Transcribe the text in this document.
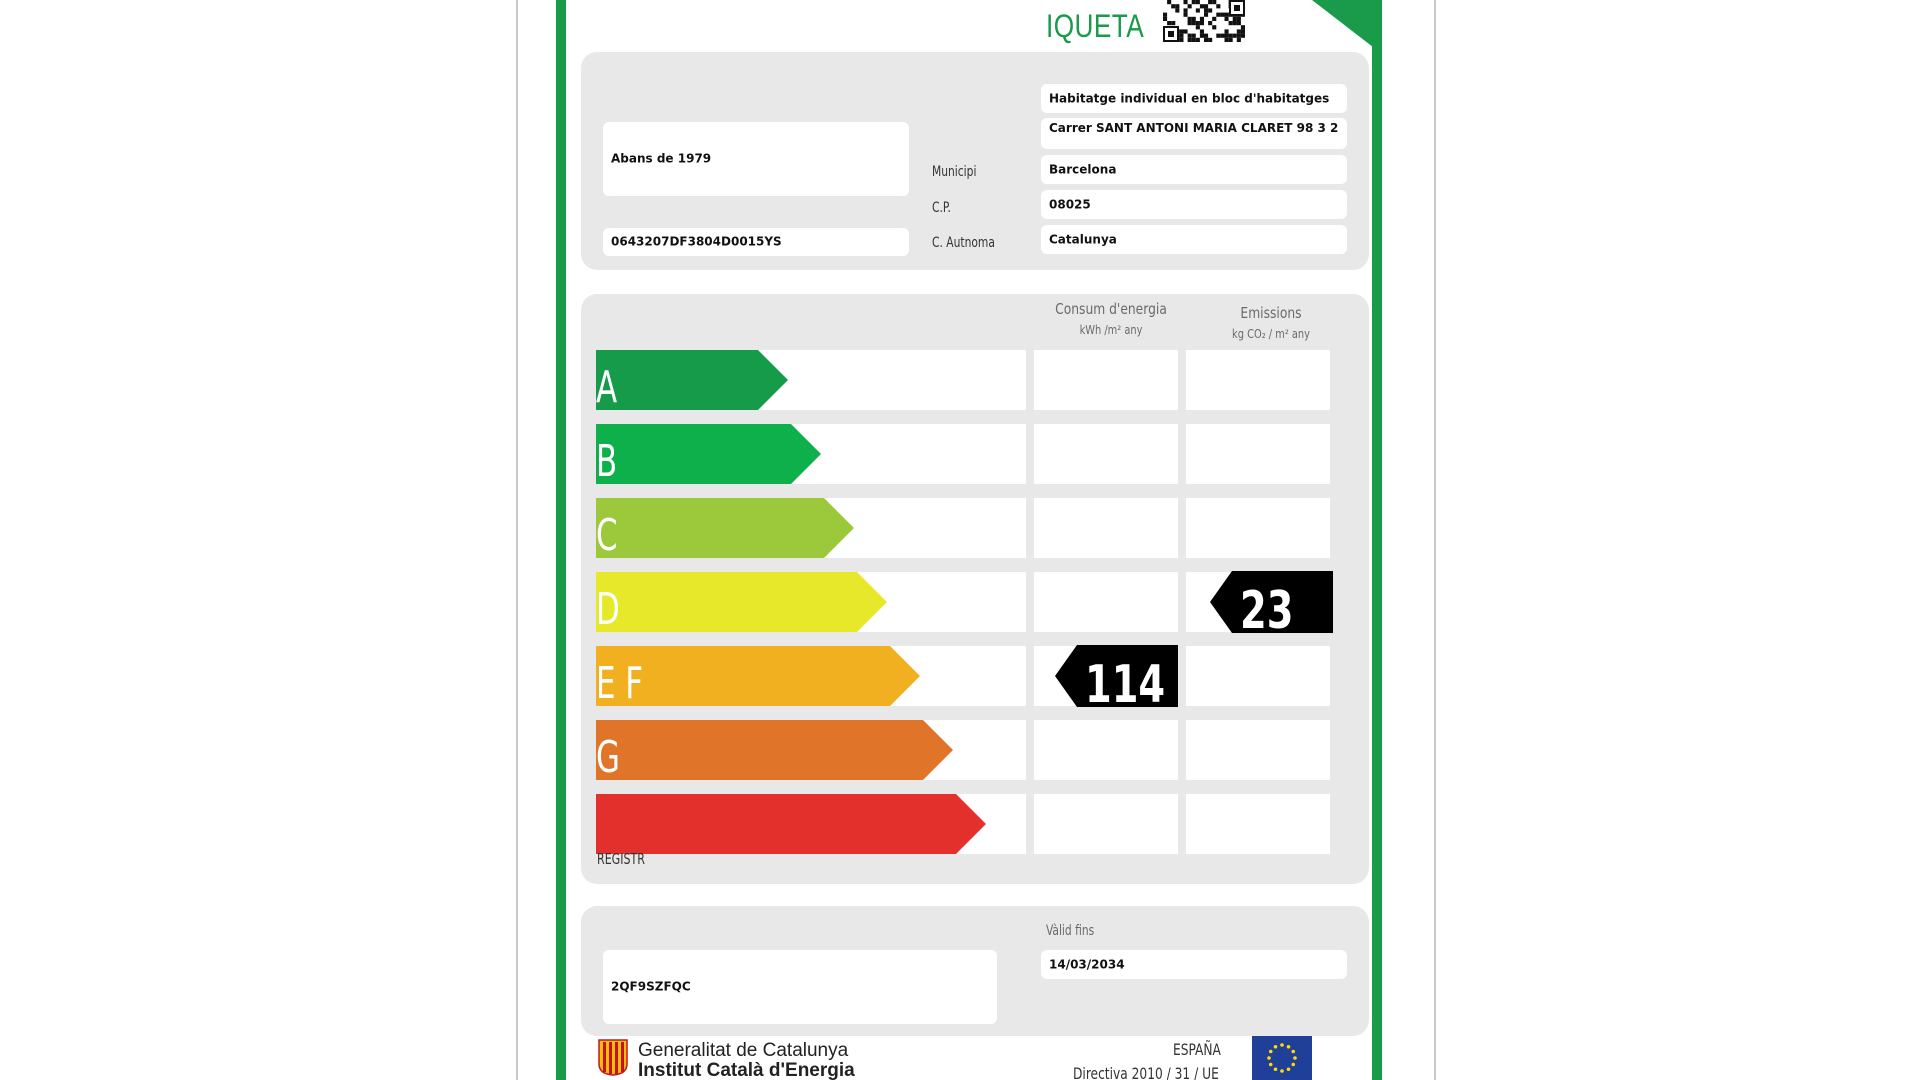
IQUETA
Abans de 1979
0643207DF3804D0015YS
Habitatge individual en bloc d'habitatges
Carrer SANT ANTONI MARIA CLARET 98 3 2
Municipi	Barcelona
C.P.	08025
C. Autnoma	Catalunya
Consum d'energia
kWh /m² any
Emissions
kg CO₂ / m² any
A
B
C
D
E F
G
114
23
REGISTR
2QF9SZFQC
Vàlid fins
14/03/2034
Generalitat de Catalunya
Institut Català d'Energia
ESPAÑA
Directiva 2010 / 31 / UE
